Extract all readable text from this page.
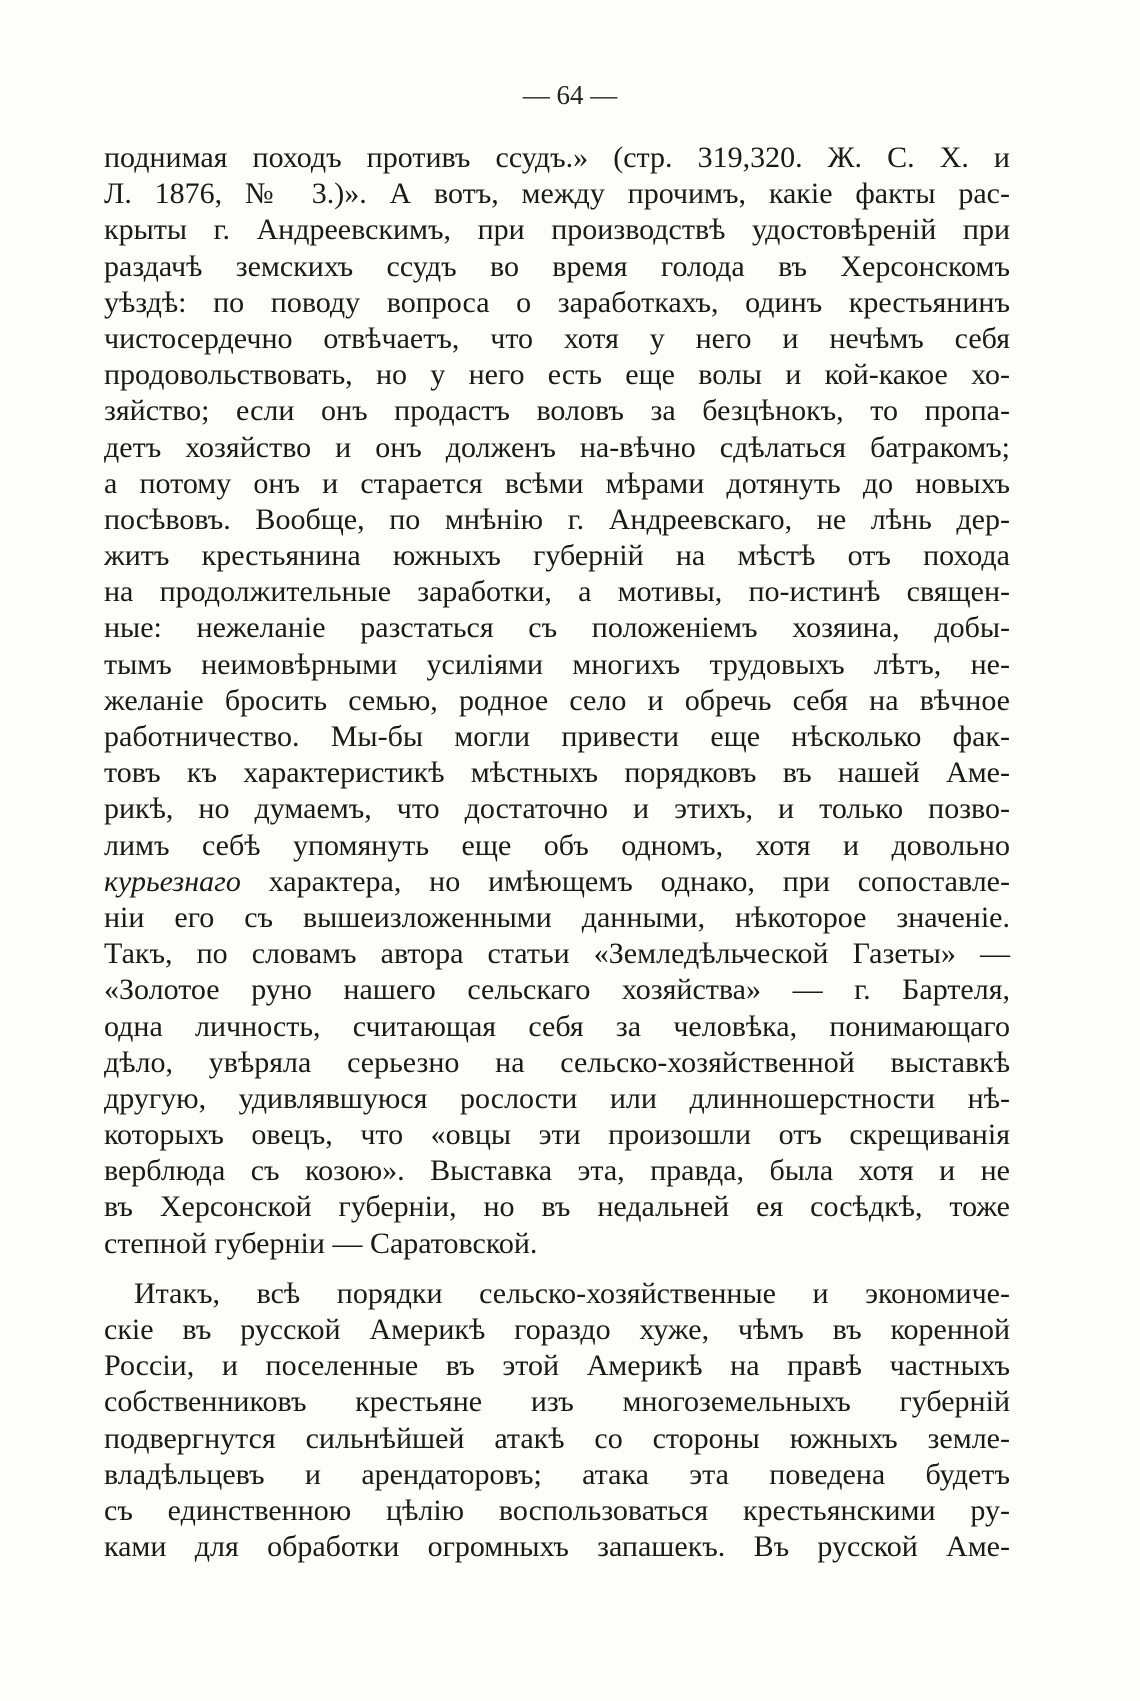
— 64 —
поднимая походъ противъ ссудъ.» (стр. 319,320. Ж. С. X. и
Л. 1876, № 3.)». А вотъ, между прочимъ, какіе факты рас-
крыты г. Андреевскимъ, при производствѣ удостовѣреній при
раздачѣ земскихъ ссудъ во время голода въ Херсонскомъ
уѣздѣ: по поводу вопроса о заработкахъ, одинъ крестьянинъ
чистосердечно отвѣчаетъ, что хотя у него и нечѣмъ себя
продовольствовать, но у него есть еще волы и кой-какое хо-
зяйство; если онъ продастъ воловъ за безцѣнокъ, то пропа-
детъ хозяйство и онъ долженъ на-вѣчно сдѣлаться батракомъ;
а потому онъ и старается всѣми мѣрами дотянуть до новыхъ
посѣвовъ. Вообще, по мнѣнію г. Андреевскаго, не лѣнь дер-
житъ крестьянина южныхъ губерній на мѣстѣ отъ похода
на продолжительные заработки, а мотивы, по-истинѣ священ-
ные: нежеланіе разстаться съ положеніемъ хозяина, добы-
тымъ неимовѣрными усиліями многихъ трудовыхъ лѣтъ, не-
желаніе бросить семью, родное село и обречь себя на вѣчное
работничество. Мы-бы могли привести еще нѣсколько фак-
товъ къ характеристикѣ мѣстныхъ порядковъ въ нашей Аме-
рикѣ, но думаемъ, что достаточно и этихъ, и только позво-
лимъ себѣ упомянуть еще объ одномъ, хотя и довольно
курьезнаго характера, но имѣющемъ однако, при сопоставле-
ніи его съ вышеизложенными данными, нѣкоторое значеніе.
Такъ, по словамъ автора статьи «Земледѣльческой Газеты» —
«Золотое руно нашего сельскаго хозяйства» — г. Бартеля,
одна личность, считающая себя за человѣка, понимающаго
дѣло, увѣряла серьезно на сельско-хозяйственной выставкѣ
другую, удивлявшуюся рослости или длинношерстности нѣ-
которыхъ овецъ, что «овцы эти произошли отъ скрещиванія
верблюда съ козою». Выставка эта, правда, была хотя и не
въ Херсонской губерніи, но въ недальней ея сосѣдкѣ, тоже
степной губерніи — Саратовской.
Итакъ, всѣ порядки сельско-хозяйственные и экономиче-
скіе въ русской Америкѣ гораздо хуже, чѣмъ въ коренной
Россіи, и поселенные въ этой Америкѣ на правѣ частныхъ
собственниковъ крестьяне изъ многоземельныхъ губерній
подвергнутся сильнѣйшей атакѣ со стороны южныхъ земле-
владѣльцевъ и арендаторовъ; атака эта поведена будетъ
съ единственною цѣлію воспользоваться крестьянскими ру-
ками для обработки огромныхъ запашекъ. Въ русской Аме-
